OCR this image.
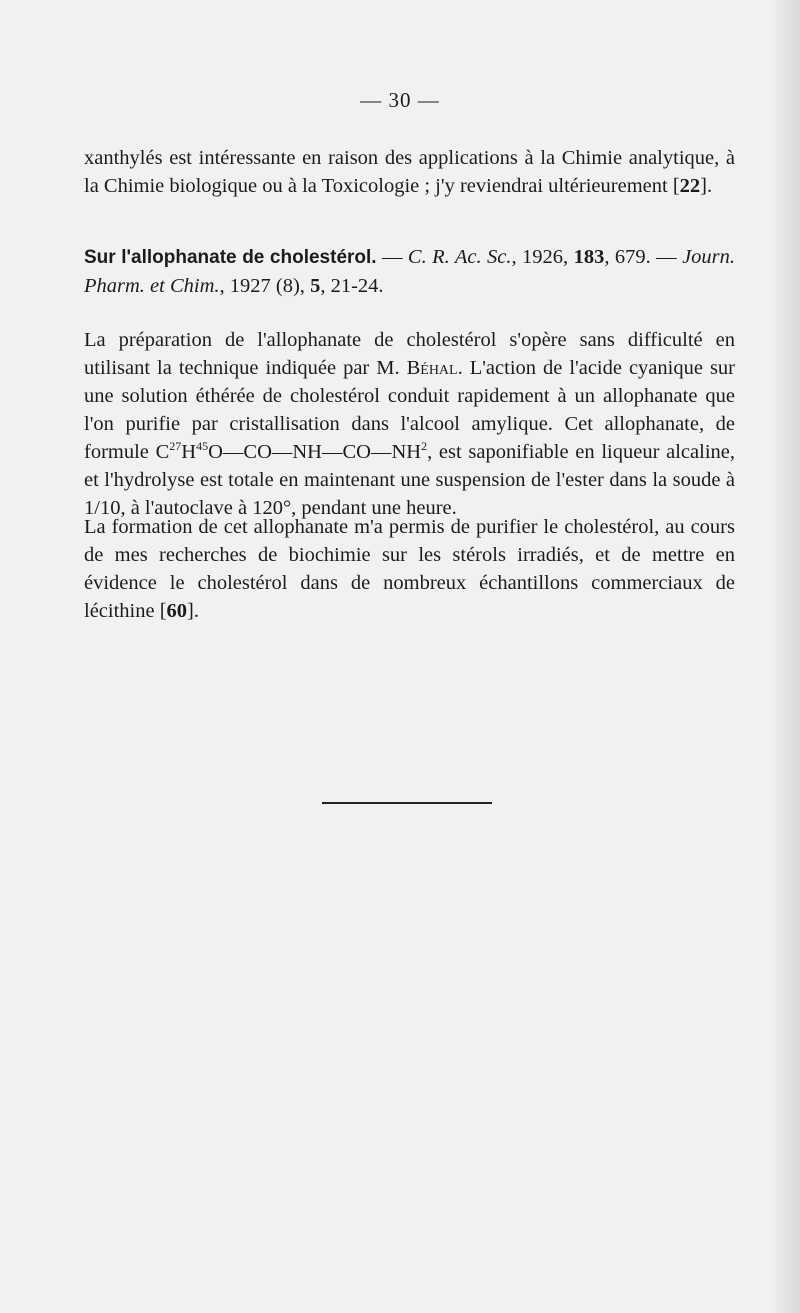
— 30 —

xanthylés est intéressante en raison des applications à la Chimie analytique, à la Chimie biologique ou à la Toxicologie ; j'y reviendrai ultérieurement [22].

Sur l'allophanate de cholestérol. — C. R. Ac. Sc., 1926, 183, 679. — Journ. Pharm. et Chim., 1927 (8), 5, 21-24.

La préparation de l'allophanate de cholestérol s'opère sans difficulté en utilisant la technique indiquée par M. Béhal. L'action de l'acide cyanique sur une solution éthérée de cholestérol conduit rapidement à un allophanate que l'on purifie par cristallisation dans l'alcool amylique. Cet allophanate, de formule $C^{27}H^{45}O—CO—NH—CO—NH^2$, est saponifiable en liqueur alcaline, et l'hydrolyse est totale en maintenant une suspension de l'ester dans la soude à 1/10, à l'autoclave à 120°, pendant une heure.

La formation de cet allophanate m'a permis de purifier le cholestérol, au cours de mes recherches de biochimie sur les stérols irradiés, et de mettre en évidence le cholestérol dans de nombreux échantillons commerciaux de lécithine [60].
